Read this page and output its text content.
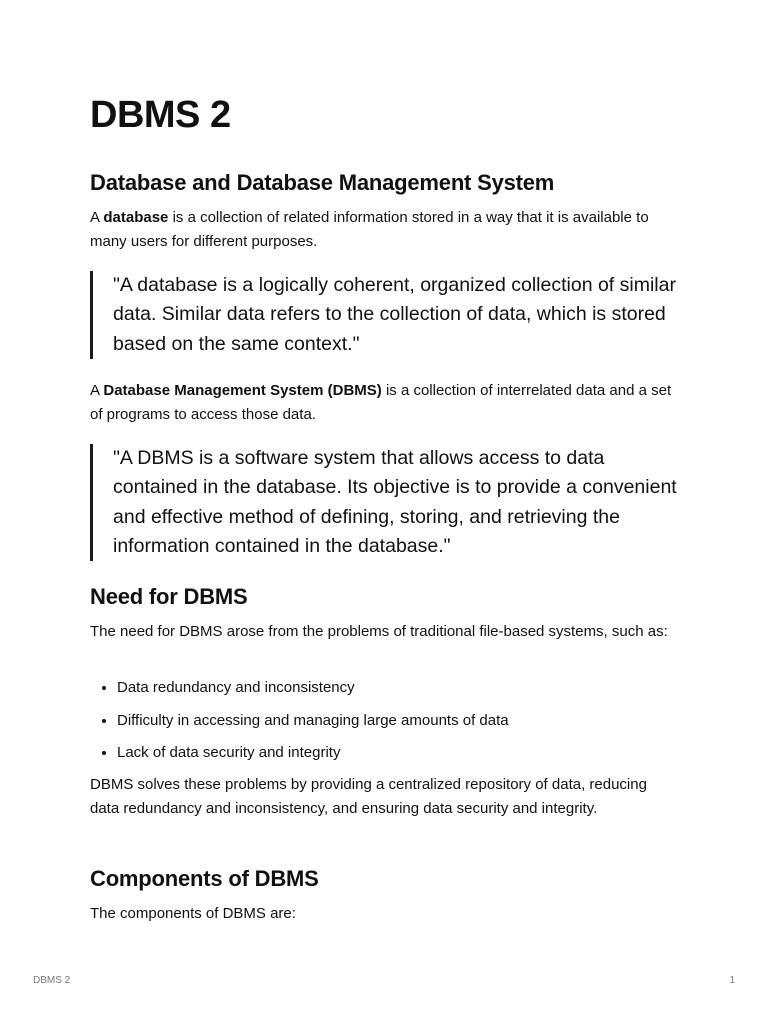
DBMS 2
Database and Database Management System

A database is a collection of related information stored in a way that it is available to many users for different purposes.

"A database is a logically coherent, organized collection of similar data. Similar data refers to the collection of data, which is stored based on the same context."

A Database Management System (DBMS) is a collection of interrelated data and a set of programs to access those data.

"A DBMS is a software system that allows access to data contained in the database. Its objective is to provide a convenient and effective method of defining, storing, and retrieving the information contained in the database."
Need for DBMS

The need for DBMS arose from the problems of traditional file-based systems, such as:

• Data redundancy and inconsistency
• Difficulty in accessing and managing large amounts of data
• Lack of data security and integrity

DBMS solves these problems by providing a centralized repository of data, reducing data redundancy and inconsistency, and ensuring data security and integrity.

Components of DBMS

The components of DBMS are:

DBMS 2	1
